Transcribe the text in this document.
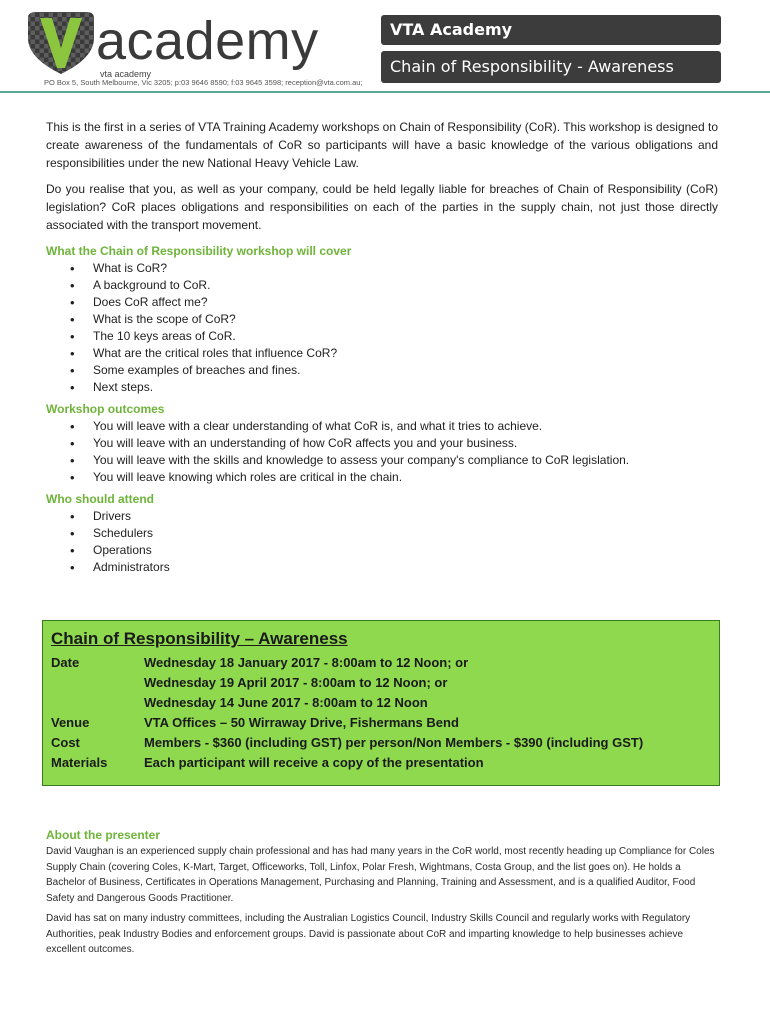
academy
vta academy
PO Box 5, South Melbourne, Vic 3205; p:03 9646 8590; f:03 9645 3598; reception@vta.com.au;
VTA Academy
Chain of Responsibility - Awareness

This is the first in a series of VTA Training Academy workshops on Chain of Responsibility (CoR). This workshop is designed to create awareness of the fundamentals of CoR so participants will have a basic knowledge of the various obligations and responsibilities under the new National Heavy Vehicle Law.

Do you realise that you, as well as your company, could be held legally liable for breaches of Chain of Responsibility (CoR) legislation? CoR places obligations and responsibilities on each of the parties in the supply chain, not just those directly associated with the transport movement.

What the Chain of Responsibility workshop will cover
• What is CoR?
• A background to CoR.
• Does CoR affect me?
• What is the scope of CoR?
• The 10 keys areas of CoR.
• What are the critical roles that influence CoR?
• Some examples of breaches and fines.
• Next steps.
Workshop outcomes
• You will leave with a clear understanding of what CoR is, and what it tries to achieve.
• You will leave with an understanding of how CoR affects you and your business.
• You will leave with the skills and knowledge to assess your company's compliance to CoR legislation.
• You will leave knowing which roles are critical in the chain.
Who should attend
• Drivers
• Schedulers
• Operations
• Administrators
Chain of Responsibility – Awareness
Date	Wednesday 18 January 2017 - 8:00am to 12 Noon; or
Wednesday 19 April 2017 - 8:00am to 12 Noon; or
Wednesday 14 June 2017 - 8:00am to 12 Noon
Venue	VTA Offices – 50 Wirraway Drive, Fishermans Bend
Cost	Members - $360 (including GST) per person/Non Members - $390 (including GST)
Materials	Each participant will receive a copy of the presentation
About the presenter

David Vaughan is an experienced supply chain professional and has had many years in the CoR world, most recently heading up Compliance for Coles Supply Chain (covering Coles, K-Mart, Target, Officeworks, Toll, Linfox, Polar Fresh, Wightmans, Costa Group, and the list goes on). He holds a Bachelor of Business, Certificates in Operations Management, Purchasing and Planning, Training and Assessment, and is a qualified Auditor, Food Safety and Dangerous Goods Practitioner.

David has sat on many industry committees, including the Australian Logistics Council, Industry Skills Council and regularly works with Regulatory Authorities, peak Industry Bodies and enforcement groups. David is passionate about CoR and imparting knowledge to help businesses achieve excellent outcomes.
